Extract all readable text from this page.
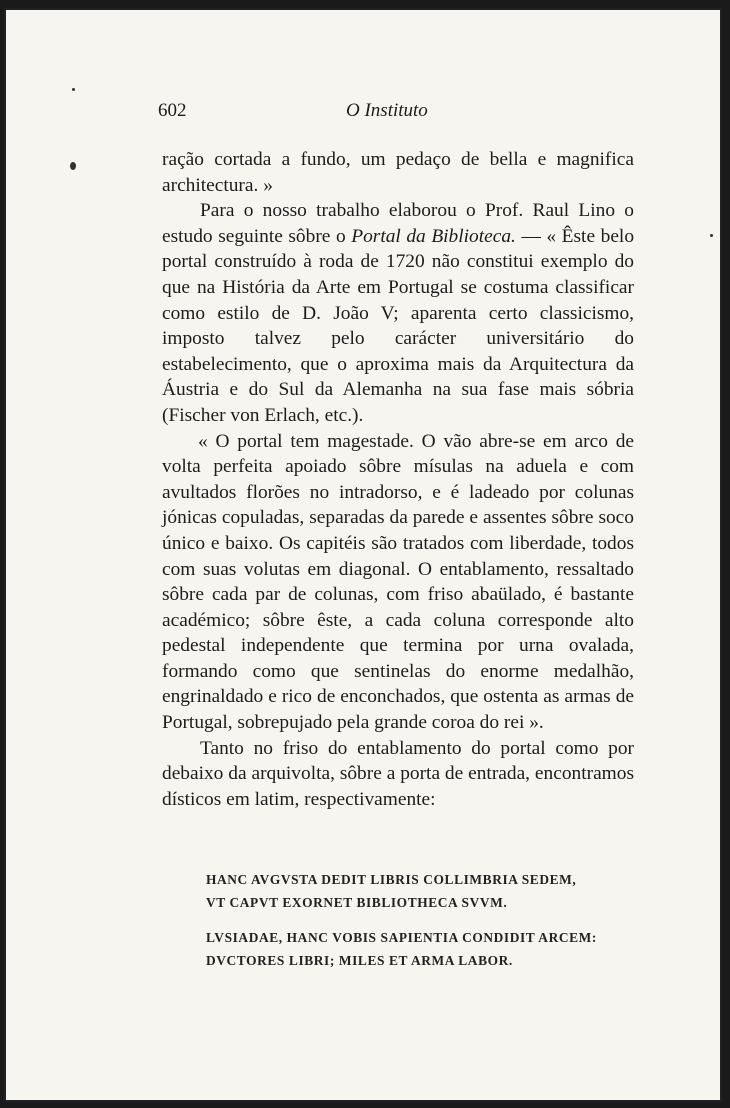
602	O Instituto

ração cortada a fundo, um pedaço de bella e magnifica architectura. »

Para o nosso trabalho elaborou o Prof. Raul Lino o estudo seguinte sôbre o Portal da Biblioteca. — « Êste belo portal construído à roda de 1720 não constitui exemplo do que na História da Arte em Portugal se costuma classificar como estilo de D. João V; aparenta certo classicismo, imposto talvez pelo carácter universitário do estabelecimento, que o aproxima mais da Arquitectura da Áustria e do Sul da Alemanha na sua fase mais sóbria (Fischer von Erlach, etc.).

« O portal tem magestade. O vão abre-se em arco de volta perfeita apoiado sôbre mísulas na aduela e com avultados florões no intradorso, e é ladeado por colunas jónicas copuladas, separadas da parede e assentes sôbre soco único e baixo. Os capitéis são tratados com liberdade, todos com suas volutas em diagonal. O entablamento, ressaltado sôbre cada par de colunas, com friso abaülado, é bastante académico; sôbre êste, a cada coluna corresponde alto pedestal independente que termina por urna ovalada, formando como que sentinelas do enorme medalhão, engrinaldado e rico de enconchados, que ostenta as armas de Portugal, sobrepujado pela grande coroa do rei ».

Tanto no friso do entablamento do portal como por debaixo da arquivolta, sôbre a porta de entrada, encontramos dísticos em latim, respectivamente:

HANC AVGVSTA DEDIT LIBRIS COLLIMBRIA SEDEM,
VT CAPVT EXORNET BIBLIOTHECA SVVM.
LVSIADAE, HANC VOBIS SAPIENTIA CONDIDIT ARCEM:
DVCTORES LIBRI; MILES ET ARMA LABOR.
